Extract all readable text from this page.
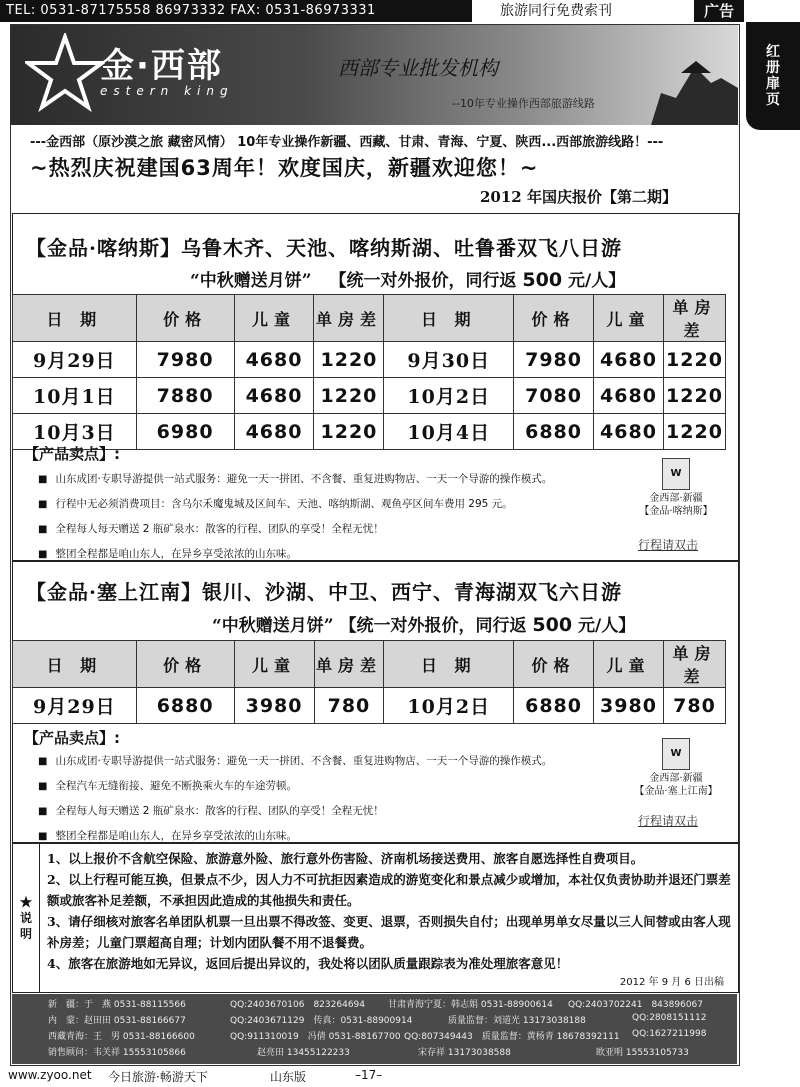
TEL: 0531-87175558 86973332 FAX: 0531-86973331	旅游同行免费索刊	广告
红册扉页
金·西部
estern king
西部专业批发机构
--10年专业操作西部旅游线路
---金西部（原沙漠之旅 藏密风情） 10年专业操作新疆、西藏、甘肃、青海、宁夏、陕西...西部旅游线路！---
~热烈庆祝建国63周年！欢度国庆，新疆欢迎您！~
2012 年国庆报价【第二期】
【金品·喀纳斯】乌鲁木齐、天池、喀纳斯湖、吐鲁番双飞八日游
“中秋赠送月饼” 【统一对外报价，同行返 500 元/人】
日 期	价格	儿童	单房差	日 期	价格	儿童	单房差
9月29日	7980	4680	1220	9月30日	7980	4680	1220
10月1日	7880	4680	1220	10月2日	7080	4680	1220
10月3日	6980	4680	1220	10月4日	6880	4680	1220
【产品卖点】:
■ 山东成团·专职导游提供一站式服务：避免一天一拼团、不含餐、重复进购物店、一天一个导游的操作模式。
■ 行程中无必须消费项目：含乌尔禾魔鬼城及区间车、天池、喀纳斯湖、观鱼亭区间车费用 295 元。
■ 全程每人每天赠送 2 瓶矿泉水：散客的行程、团队的享受！全程无忧！
■ 整团全程都是咱山东人，在异乡享受浓浓的山东味。
W
金西部·新疆
【金品·喀纳斯】
行程请双击
【金品·塞上江南】银川、沙湖、中卫、西宁、青海湖双飞六日游
“中秋赠送月饼” 【统一对外报价，同行返 500 元/人】
日 期	价格	儿童	单房差	日 期	价格	儿童	单房差
9月29日	6880	3980	780	10月2日	6880	3980	780
【产品卖点】:
■ 山东成团·专职导游提供一站式服务：避免一天一拼团、不含餐、重复进购物店、一天一个导游的操作模式。
■ 全程汽车无缝衔接、避免不断换乘火车的车途劳顿。
■ 全程每人每天赠送 2 瓶矿泉水：散客的行程、团队的享受！全程无忧！
■ 整团全程都是咱山东人，在异乡享受浓浓的山东味。
W
金西部·新疆
【金品·塞上江南】
行程请双击
★说明

1、以上报价不含航空保险、旅游意外险、旅行意外伤害险、济南机场接送费用、旅客自愿选择性自费项目。

2、以上行程可能互换，但景点不少，因人力不可抗拒因素造成的游览变化和景点减少或增加，本社仅负责协助并退还门票差额或旅客补足差额，不承担因此造成的其他损失和责任。

3、请仔细核对旅客名单团队机票一旦出票不得改签、变更、退票，否则损失自付；出现单男单女尽量以三人间替或由客人现补房差；儿童门票超高自理；计划内团队餐不用不退餐费。

4、旅客在旅游地如无异议，返回后提出异议的，我处将以团队质量跟踪表为准处理旅客意见！

2012 年 9 月 6 日出稿
新　疆：于　燕 0531-88115566	QQ:2403670106　823264694	甘肃青海宁夏：韩志娟 0531-88900614 QQ:2403702241　843896067
内　蒙：赵田田 0531-88166677	QQ:2403671129　传真：0531-88900914	质量监督：刘道光 13173038188	QQ:2808151112
西藏青海：王　男 0531-88166600	QQ:911310019　冯倩 0531-88167700 QQ:807349443　质量监督：黄杨青 18678392111 QQ:1627211998
销售顾问：韦关祥 15553105866	赵亮田 13455122233	宋存祥 13173038588	欧亚明 15553105733
www.zyoo.net 今日旅游·畅游天下	山东版	–17–
